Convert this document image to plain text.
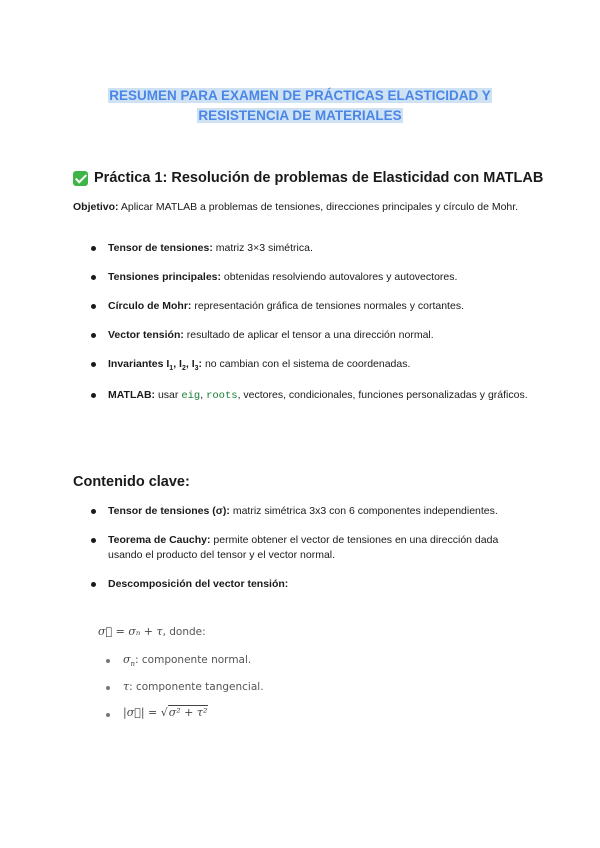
RESUMEN PARA EXAMEN DE PRÁCTICAS ELASTICIDAD Y
RESISTENCIA DE MATERIALES
Práctica 1: Resolución de problemas de Elasticidad con MATLAB
Objetivo: Aplicar MATLAB a problemas de tensiones, direcciones principales y círculo de Mohr.
Tensor de tensiones: matriz 3×3 simétrica.
Tensiones principales: obtenidas resolviendo autovalores y autovectores.
Círculo de Mohr: representación gráfica de tensiones normales y cortantes.
Vector tensión: resultado de aplicar el tensor a una dirección normal.
Invariantes $I_1$, $I_2$, $I_3$: no cambian con el sistema de coordenadas.
MATLAB: usar eig, roots, vectores, condicionales, funciones personalizadas y gráficos.
Contenido clave:
Tensor de tensiones (σ): matriz simétrica 3x3 con 6 componentes independientes.
Teorema de Cauchy: permite obtener el vector de tensiones en una dirección dada usando el producto del tensor y el vector normal.
Descomposición del vector tensión:
σ⃗ = σₙ + τ, donde:
$\sigma_n$: componente normal.
τ: componente tangencial.
|σ⃗| = √σ² + τ²
